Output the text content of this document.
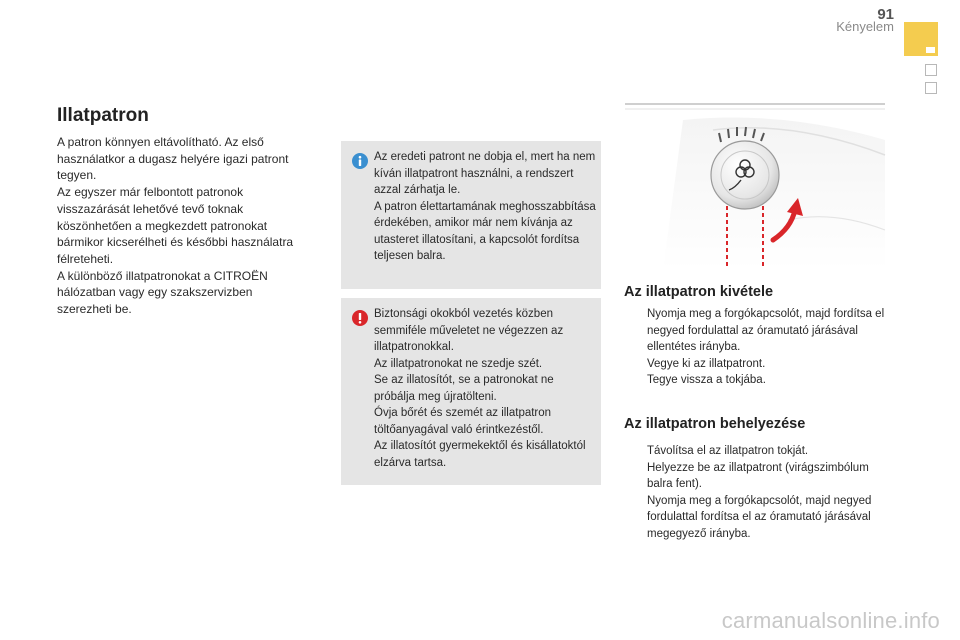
91
Kényelem
Illatpatron

A patron könnyen eltávolítható. Az első használatkor a dugasz helyére igazi patront tegyen.

Az egyszer már felbontott patronok visszazárását lehetővé tevő toknak köszönhetően a megkezdett patronokat bármikor kicserélheti és későbbi használatra félreteheti.

A különböző illatpatronokat a CITROËN hálózatban vagy egy szakszervizben szerezheti be.

Az eredeti patront ne dobja el, mert ha nem kíván illatpatront használni, a rendszert azzal zárhatja le.

A patron élettartamának meghosszabbítása érdekében, amikor már nem kívánja az utasteret illatosítani, a kapcsolót fordítsa teljesen balra.

Biztonsági okokból vezetés közben semmiféle műveletet ne végezzen az illatpatronokkal.

Az illatpatronokat ne szedje szét.

Se az illatosítót, se a patronokat ne próbálja meg újratölteni.

Óvja bőrét és szemét az illatpatron töltőanyagával való érintkezéstől.

Az illatosítót gyermekektől és kisállatoktól elzárva tartsa.

Az illatpatron kivétele
Nyomja meg a forgókapcsolót, majd fordítsa el negyed fordulattal az óramutató járásával ellentétes irányba.
Vegye ki az illatpatront.
Tegye vissza a tokjába.
Az illatpatron behelyezése
Távolítsa el az illatpatron tokját.
Helyezze be az illatpatront (virágszimbólum balra fent).
Nyomja meg a forgókapcsolót, majd negyed fordulattal fordítsa el az óramutató járásával megegyező irányba.
carmanualsonline.info
